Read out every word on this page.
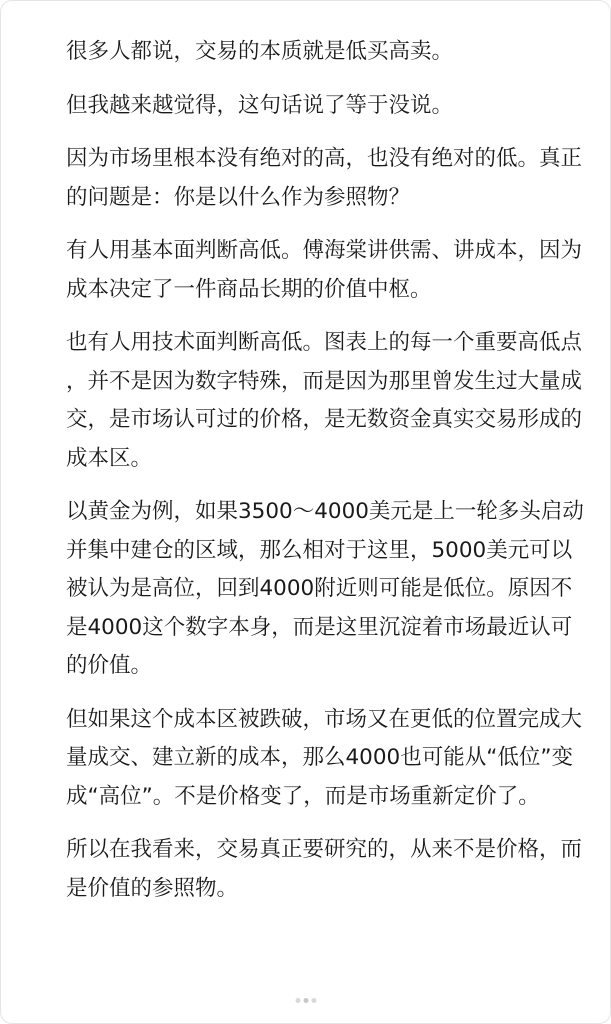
很多人都说，交易的本质就是低买高卖。

但我越来越觉得，这句话说了等于没说。

因为市场里根本没有绝对的高，也没有绝对的低。真正的问题是：你是以什么作为参照物？

有人用基本面判断高低。傅海棠讲供需、讲成本，因为成本决定了一件商品长期的价值中枢。

也有人用技术面判断高低。图表上的每一个重要高低点，并不是因为数字特殊，而是因为那里曾发生过大量成交，是市场认可过的价格，是无数资金真实交易形成的成本区。

以黄金为例，如果3500～4000美元是上一轮多头启动并集中建仓的区域，那么相对于这里，5000美元可以被认为是高位，回到4000附近则可能是低位。原因不是4000这个数字本身，而是这里沉淀着市场最近认可的价值。

但如果这个成本区被跌破，市场又在更低的位置完成大量成交、建立新的成本，那么4000也可能从“低位”变成“高位”。不是价格变了，而是市场重新定价了。

所以在我看来，交易真正要研究的，从来不是价格，而是价值的参照物。
